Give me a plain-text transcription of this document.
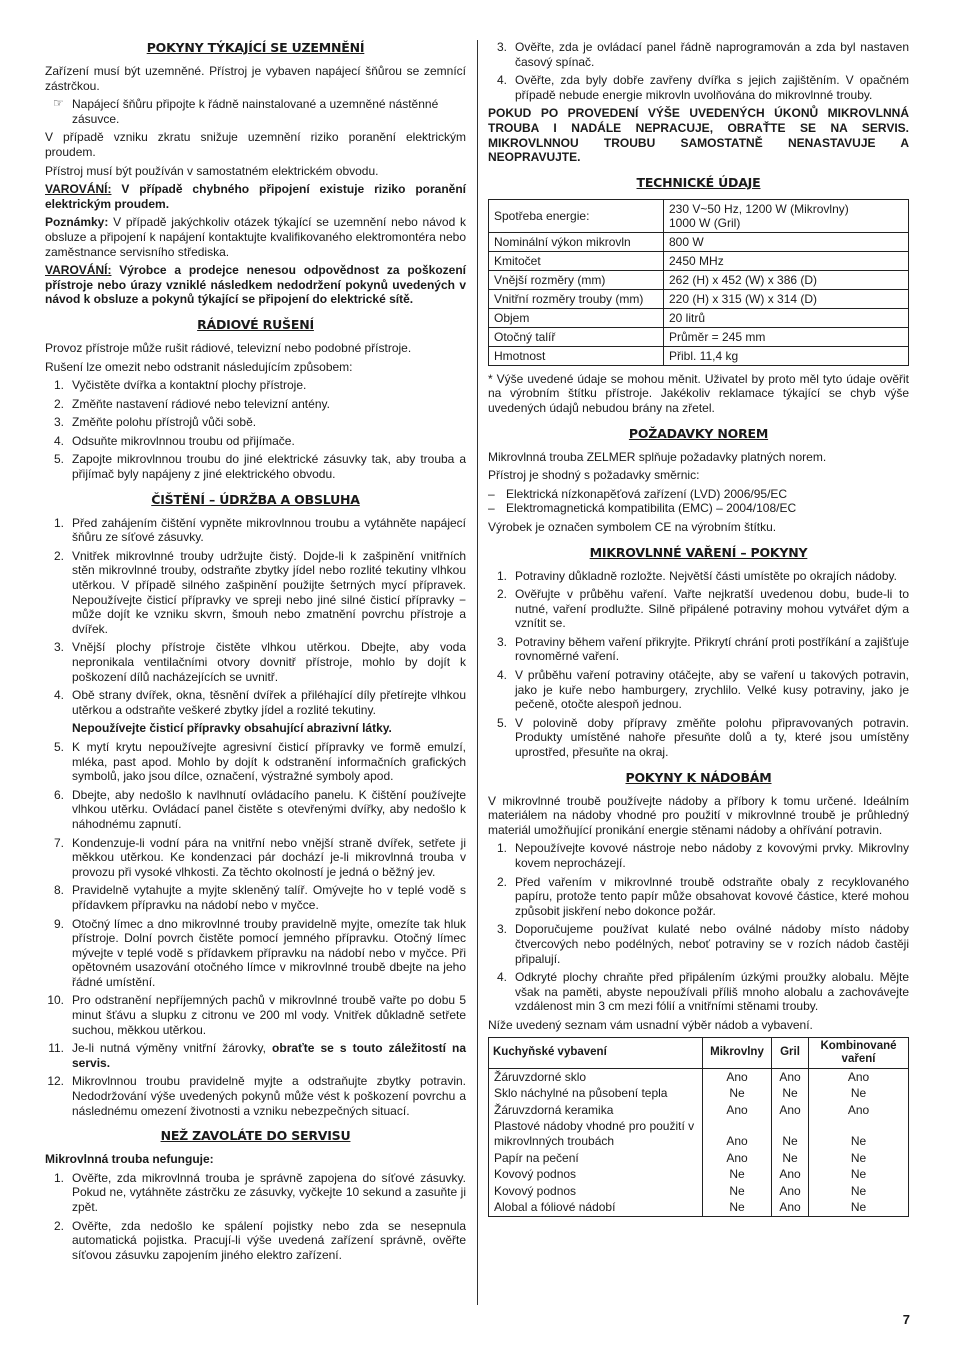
POKYNY TÝKAJÍCÍ SE UZEMNĚNÍ

Zařízení musí být uzemněné. Přístroj je vybaven napájecí šňůrou se zemnící zástrčkou.

☞ Napájecí šňůru připojte k řádně nainstalované a uzemněné nástěnné zásuvce.

V případě vzniku zkratu snižuje uzemnění riziko poranění elektrickým proudem.

Přístroj musí být používán v samostatném elektrickém obvodu.

VAROVÁNÍ: V případě chybného připojení existuje riziko poranění elektrickým proudem.

Poznámky: V případě jakýchkoliv otázek týkající se uzemnění nebo návod k obsluze a připojení k napájení kontaktujte kvalifikovaného elektromontéra nebo zaměstnance servisního střediska.

VAROVÁNÍ: Výrobce a prodejce nenesou odpovědnost za poškození přístroje nebo úrazy vzniklé následkem nedodržení pokynů uvedených v návod k obsluze a pokynů týkající se připojení do elektrické sítě.

RÁDIOVÉ RUŠENÍ

Provoz přístroje může rušit rádiové, televizní nebo podobné přístroje.

Rušení lze omezit nebo odstranit následujícím způsobem:

1. Vyčistěte dvířka a kontaktní plochy přístroje.
2. Změňte nastavení rádiové nebo televizní antény.
3. Změňte polohu přístrojů vůči sobě.
4. Odsuňte mikrovlnnou troubu od přijímače.
5. Zapojte mikrovlnnou troubu do jiné elektrické zásuvky tak, aby trouba a přijímač byly napájeny z jiné elektrického obvodu.
ČIŠTĚNÍ – ÚDRŽBA A OBSLUHA
1. Před zahájením čištění vypněte mikrovlnnou troubu a vytáhněte napájecí šňůru ze síťové zásuvky.
2. Vnitřek mikrovlnné trouby udržujte čistý. Dojde-li k zašpinění vnitřních stěn mikrovlnné trouby, odstraňte zbytky jídel nebo rozlité tekutiny vlhkou utěrkou. V případě silného zašpinění použijte šetrných mycí přípravek. Nepoužívejte čisticí přípravky ve spreji nebo jiné silné čisticí přípravky − může dojít ke vzniku skvrn, šmouh nebo zmatnění povrchu přístroje a dvířek.
3. Vnější plochy přístroje čistěte vlhkou utěrkou. Dbejte, aby voda nepronikala ventilačními otvory dovnitř přístroje, mohlo by dojít k poškození dílů nacházejících se uvnitř.
4. Obě strany dvířek, okna, těsnění dvířek a přiléhající díly přetírejte vlhkou utěrkou a odstraňte veškeré zbytky jídel a rozlité tekutiny.
Nepoužívejte čisticí přípravky obsahující abrazivní látky.
5. K mytí krytu nepoužívejte agresivní čisticí přípravky ve formě emulzí, mléka, past apod. Mohlo by dojít k odstranění informačních grafických symbolů, jako jsou dílce, označení, výstražné symboly apod.
6. Dbejte, aby nedošlo k navlhnutí ovládacího panelu. K čištění používejte vlhkou utěrku. Ovládací panel čistěte s otevřenými dvířky, aby nedošlo k náhodnému zapnutí.
7. Kondenzuje-li vodní pára na vnitřní nebo vnější straně dvířek, setřete ji měkkou utěrkou. Ke kondenzaci pár dochází je-li mikrovlnná trouba v provozu při vysoké vlhkosti. Za těchto okolností je jedná o běžný jev.
8. Pravidelně vytahujte a myjte skleněný talíř. Omývejte ho v teplé vodě s přídavkem přípravku na nádobí nebo v myčce.
9. Otočný límec a dno mikrovlnné trouby pravidelně myjte, omezíte tak hluk přístroje. Dolní povrch čistěte pomocí jemného přípravku. Otočný límec mývejte v teplé vodě s přídavkem přípravku na nádobí nebo v myčce. Při opětovném usazování otočného límce v mikrovlnné troubě dbejte na jeho řádné umístění.
10. Pro odstranění nepříjemných pachů v mikrovlnné troubě vařte po dobu 5 minut šťávu a slupku z citronu ve 200 ml vody. Vnitřek důkladně setřete suchou, měkkou utěrkou.
11. Je-li nutná výměny vnitřní žárovky, obraťte se s touto záležitostí na servis.
12. Mikrovlnnou troubu pravidelně myjte a odstraňujte zbytky potravin. Nedodržování výše uvedených pokynů může vést k poškození povrchu a následnému omezení životnosti a vzniku nebezpečných situací.
NEŽ ZAVOLÁTE DO SERVISU

Mikrovlnná trouba nefunguje:

1. Ověřte, zda mikrovlnná trouba je správně zapojena do síťové zásuvky. Pokud ne, vytáhněte zástrčku ze zásuvky, vyčkejte 10 sekund a zasuňte ji zpět.
2. Ověřte, zda nedošlo ke spálení pojistky nebo zda se nesepnula automatická pojistka. Pracují-li výše uvedená zařízení správně, ověřte síťovou zásuvku zapojením jiného elektro zařízení.
3. Ověřte, zda je ovládací panel řádně naprogramován a zda byl nastaven časový spínač.
4. Ověřte, zda byly dobře zavřeny dvířka s jejich zajištěním. V opačném případě nebude energie mikrovln uvolňována do mikrovlnné trouby.

POKUD PO PROVEDENÍ VÝŠE UVEDENÝCH ÚKONŮ MIKROVLNNÁ TROUBA I NADÁLE NEPRACUJE, OBRAŤTE SE NA SERVIS. MIKROVLNNOU TROUBU SAMOSTATNĚ NENASTAVUJE A NEOPRAVUJTE.

TECHNICKÉ ÚDAJE
Spotřeba energie:	230 V~50 Hz, 1200 W (Mikrovlny)
1000 W (Gril)

Nominální výkon mikrovln	800 W
Kmitočet	2450 MHz
Vnější rozměry (mm)	262 (H) x 452 (W) x 386 (D)
Vnitřní rozměry trouby (mm)	220 (H) x 315 (W) x 314 (D)
Objem	20 litrů
Otočný talíř	Průměr = 245 mm
Hmotnost	Přibl. 11,4 kg

* Výše uvedené údaje se mohou měnit. Uživatel by proto měl tyto údaje ověřit na výrobním štítku přístroje. Jakékoliv reklamace týkající se chyb výše uvedených údajů nebudou brány na zřetel.

POŽADAVKY NOREM

Mikrovlnná trouba ZELMER splňuje požadavky platných norem.

Přístroj je shodný s požadavky směrnic:

– Elektrická nízkonapěťová zařízení (LVD) 2006/95/EC
– Elektromagnetická kompatibilita (EMC) – 2004/108/EC

Výrobek je označen symbolem CE na výrobním štítku.

MIKROVLNNÉ VAŘENÍ – POKYNY
1. Potraviny důkladně rozložte. Největší části umístěte po okrajích nádoby.
2. Ověřujte v průběhu vaření. Vařte nejkratší uvedenou dobu, bude-li to nutné, vaření prodlužte. Silně připálené potraviny mohou vytvářet dým a vznítit se.
3. Potraviny během vaření přikryjte. Přikrytí chrání proti postříkání a zajišťuje rovnoměrné vaření.
4. V průběhu vaření potraviny otáčejte, aby se vaření u takových potravin, jako je kuře nebo hamburgery, zrychlilo. Velké kusy potraviny, jako je pečeně, otočte alespoň jednou.
5. V polovině doby přípravy změňte polohu připravovaných potravin. Produkty umístěné nahoře přesuňte dolů a ty, které jsou umístěny uprostřed, přesuňte na okraj.
POKYNY K NÁDOBÁM

V mikrovlnné troubě používejte nádoby a příbory k tomu určené. Ideálním materiálem na nádoby vhodné pro použití v mikrovlnné troubě je průhledný materiál umožňující pronikání energie stěnami nádoby a ohřívání potravin.

1. Nepoužívejte kovové nástroje nebo nádoby z kovovými prvky. Mikrovlny kovem neprocházejí.
2. Před vařením v mikrovlnné troubě odstraňte obaly z recyklovaného papíru, protože tento papír může obsahovat kovové částice, které mohou způsobit jiskření nebo dokonce požár.
3. Doporučujeme používat kulaté nebo oválné nádoby místo nádoby čtvercových nebo podélných, neboť potraviny se v rozích nádob častěji připalují.
4. Odkryté plochy chraňte před připálením úzkými proužky alobalu. Mějte však na paměti, abyste nepoužívali příliš mnoho alobalu a zachovávejte vzdálenost min 3 cm mezi fólií a vnitřními stěnami trouby.

Níže uvedený seznam vám usnadní výběr nádob a vybavení.

Kuchyňské vybavení	Mikrovlny	Gril	Kombinované vaření
Žáruvzdorné sklo	Ano	Ano	Ano
Sklo náchylné na působení tepla	Ne	Ne	Ne
Žáruvzdorná keramika	Ano	Ano	Ano
Plastové nádoby vhodné pro použití v mikrovlnných troubách	Ano	Ne	Ne
Papír na pečení	Ano	Ne	Ne
Kovový podnos	Ne	Ano	Ne
Kovový podnos	Ne	Ano	Ne
Alobal a fóliové nádobí	Ne	Ano	Ne
7
